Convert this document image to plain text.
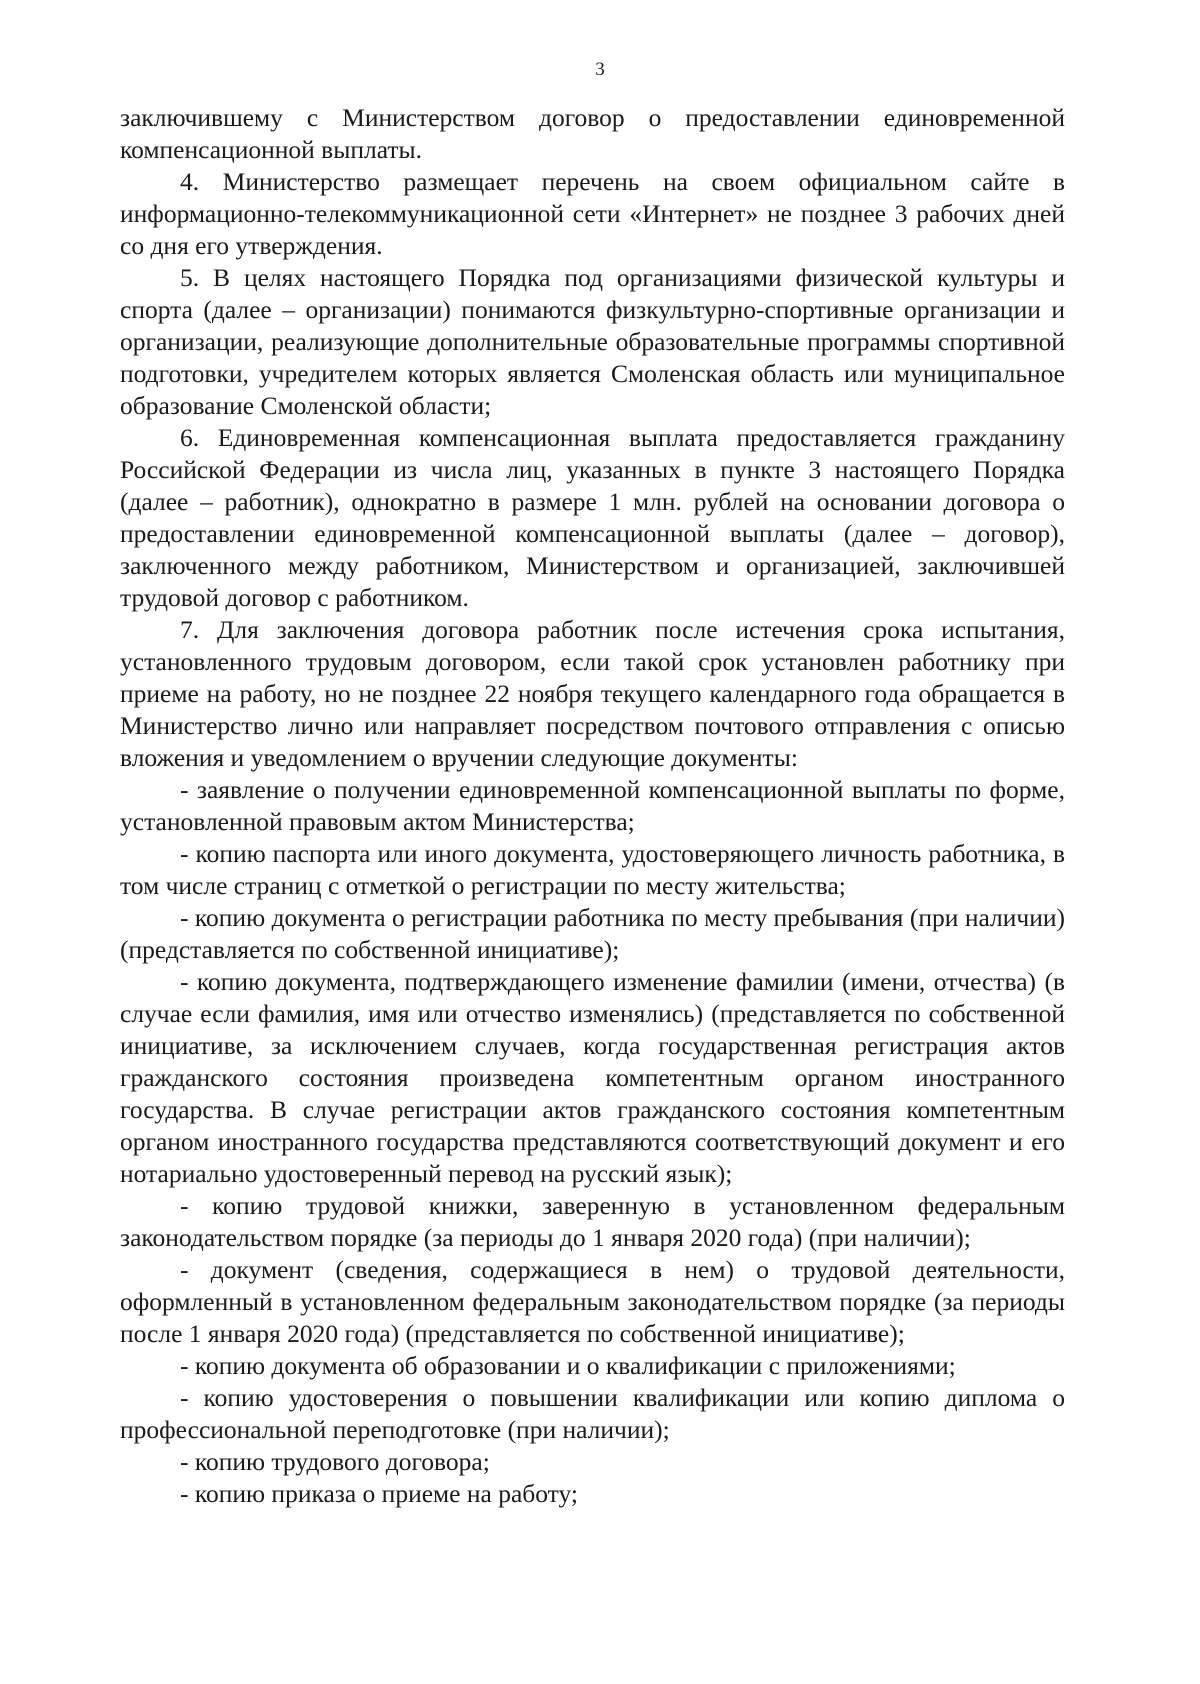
3

заключившему с Министерством договор о предоставлении единовременной компенсационной выплаты.

4. Министерство размещает перечень на своем официальном сайте в информационно-телекоммуникационной сети «Интернет» не позднее 3 рабочих дней со дня его утверждения.

5. В целях настоящего Порядка под организациями физической культуры и спорта (далее – организации) понимаются физкультурно-спортивные организации и организации, реализующие дополнительные образовательные программы спортивной подготовки, учредителем которых является Смоленская область или муниципальное образование Смоленской области;

6. Единовременная компенсационная выплата предоставляется гражданину Российской Федерации из числа лиц, указанных в пункте 3 настоящего Порядка (далее – работник), однократно в размере 1 млн. рублей на основании договора о предоставлении единовременной компенсационной выплаты (далее – договор), заключенного между работником, Министерством и организацией, заключившей трудовой договор с работником.

7. Для заключения договора работник после истечения срока испытания, установленного трудовым договором, если такой срок установлен работнику при приеме на работу, но не позднее 22 ноября текущего календарного года обращается в Министерство лично или направляет посредством почтового отправления с описью вложения и уведомлением о вручении следующие документы:

- заявление о получении единовременной компенсационной выплаты по форме, установленной правовым актом Министерства;

- копию паспорта или иного документа, удостоверяющего личность работника, в том числе страниц с отметкой о регистрации по месту жительства;

- копию документа о регистрации работника по месту пребывания (при наличии) (представляется по собственной инициативе);

- копию документа, подтверждающего изменение фамилии (имени, отчества) (в случае если фамилия, имя или отчество изменялись) (представляется по собственной инициативе, за исключением случаев, когда государственная регистрация актов гражданского состояния произведена компетентным органом иностранного государства. В случае регистрации актов гражданского состояния компетентным органом иностранного государства представляются соответствующий документ и его нотариально удостоверенный перевод на русский язык);

- копию трудовой книжки, заверенную в установленном федеральным законодательством порядке (за периоды до 1 января 2020 года) (при наличии);

- документ (сведения, содержащиеся в нем) о трудовой деятельности, оформленный в установленном федеральным законодательством порядке (за периоды после 1 января 2020 года) (представляется по собственной инициативе);

- копию документа об образовании и о квалификации с приложениями;

- копию удостоверения о повышении квалификации или копию диплома о профессиональной переподготовке (при наличии);

- копию трудового договора;

- копию приказа о приеме на работу;
